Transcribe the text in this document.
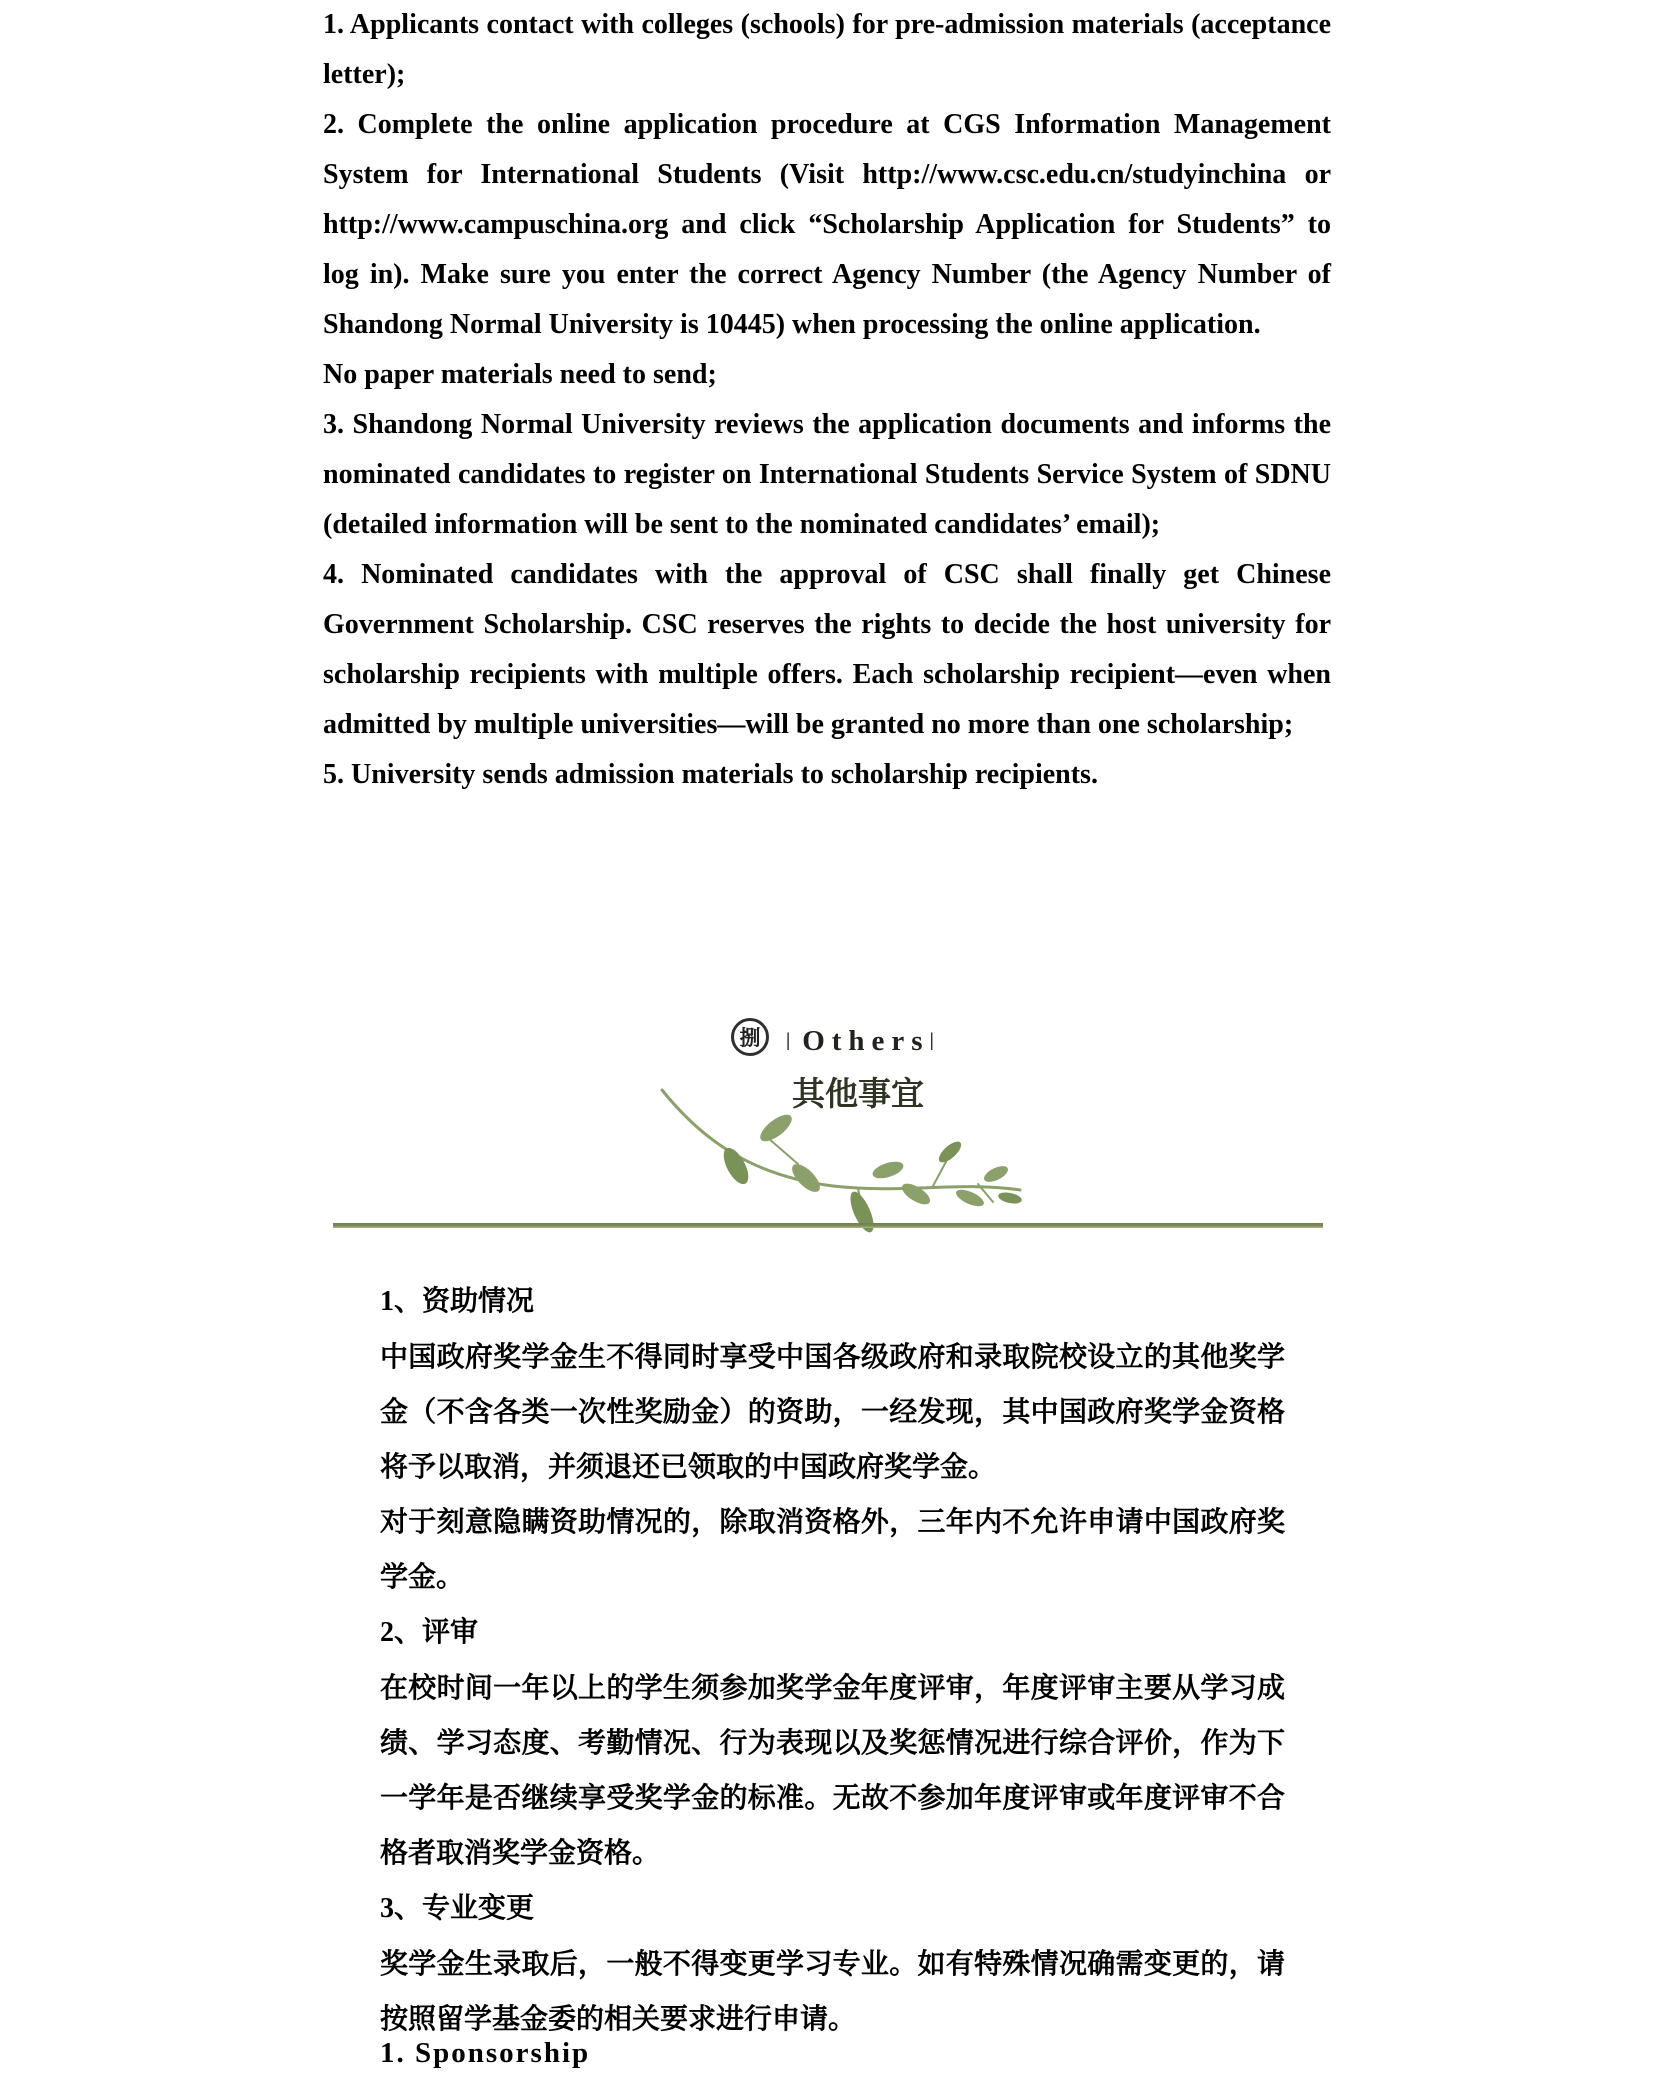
1. Applicants contact with colleges (schools) for pre-admission materials (acceptance letter);

2. Complete the online application procedure at CGS Information Management System for International Students (Visit http://www.csc.edu.cn/studyinchina or http://www.campuschina.org and click “Scholarship Application for Students” to log in). Make sure you enter the correct Agency Number (the Agency Number of Shandong Normal University is 10445) when processing the online application.

No paper materials need to send;

3. Shandong Normal University reviews the application documents and informs the nominated candidates to register on International Students Service System of SDNU (detailed information will be sent to the nominated candidates’ email);

4. Nominated candidates with the approval of CSC shall finally get Chinese Government Scholarship. CSC reserves the rights to decide the host university for scholarship recipients with multiple offers. Each scholarship recipient—even when admitted by multiple universities—will be granted no more than one scholarship;

5. University sends admission materials to scholarship recipients.

捌 | Others |
其他事宜

1、资助情况

中国政府奖学金生不得同时享受中国各级政府和录取院校设立的其他奖学金（不含各类一次性奖励金）的资助，一经发现，其中国政府奖学金资格将予以取消，并须退还已领取的中国政府奖学金。

对于刻意隐瞒资助情况的，除取消资格外，三年内不允许申请中国政府奖学金。

2、评审

在校时间一年以上的学生须参加奖学金年度评审，年度评审主要从学习成绩、学习态度、考勤情况、行为表现以及奖惩情况进行综合评价，作为下一学年是否继续享受奖学金的标准。无故不参加年度评审或年度评审不合格者取消奖学金资格。

3、专业变更

奖学金生录取后，一般不得变更学习专业。如有特殊情况确需变更的，请按照留学基金委的相关要求进行申请。

1. Sponsorship
